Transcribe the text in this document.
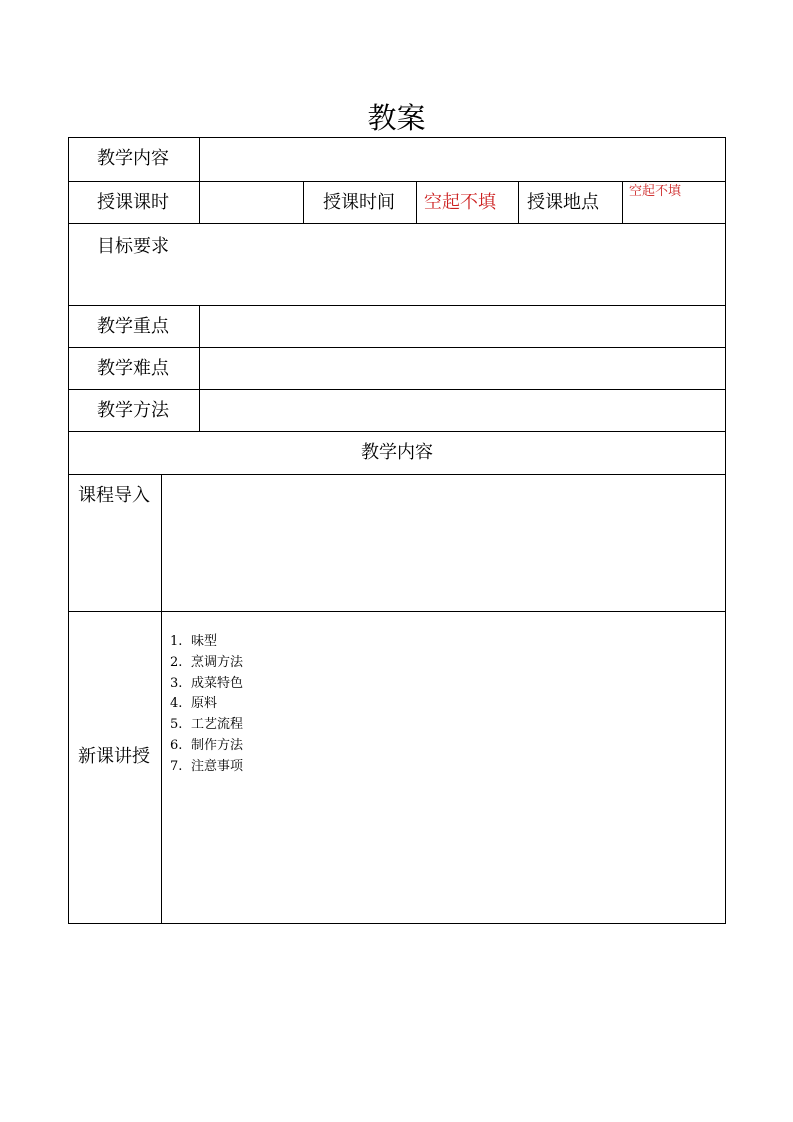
教案
教学内容
授课课时	授课时间 空起不填 授课地点
空起不填
目标要求
教学重点
教学难点
教学方法
教学内容
课程导入
新课讲授
1. 味型
2. 烹调方法
3. 成菜特色
4. 原料
5. 工艺流程
6. 制作方法
7. 注意事项
